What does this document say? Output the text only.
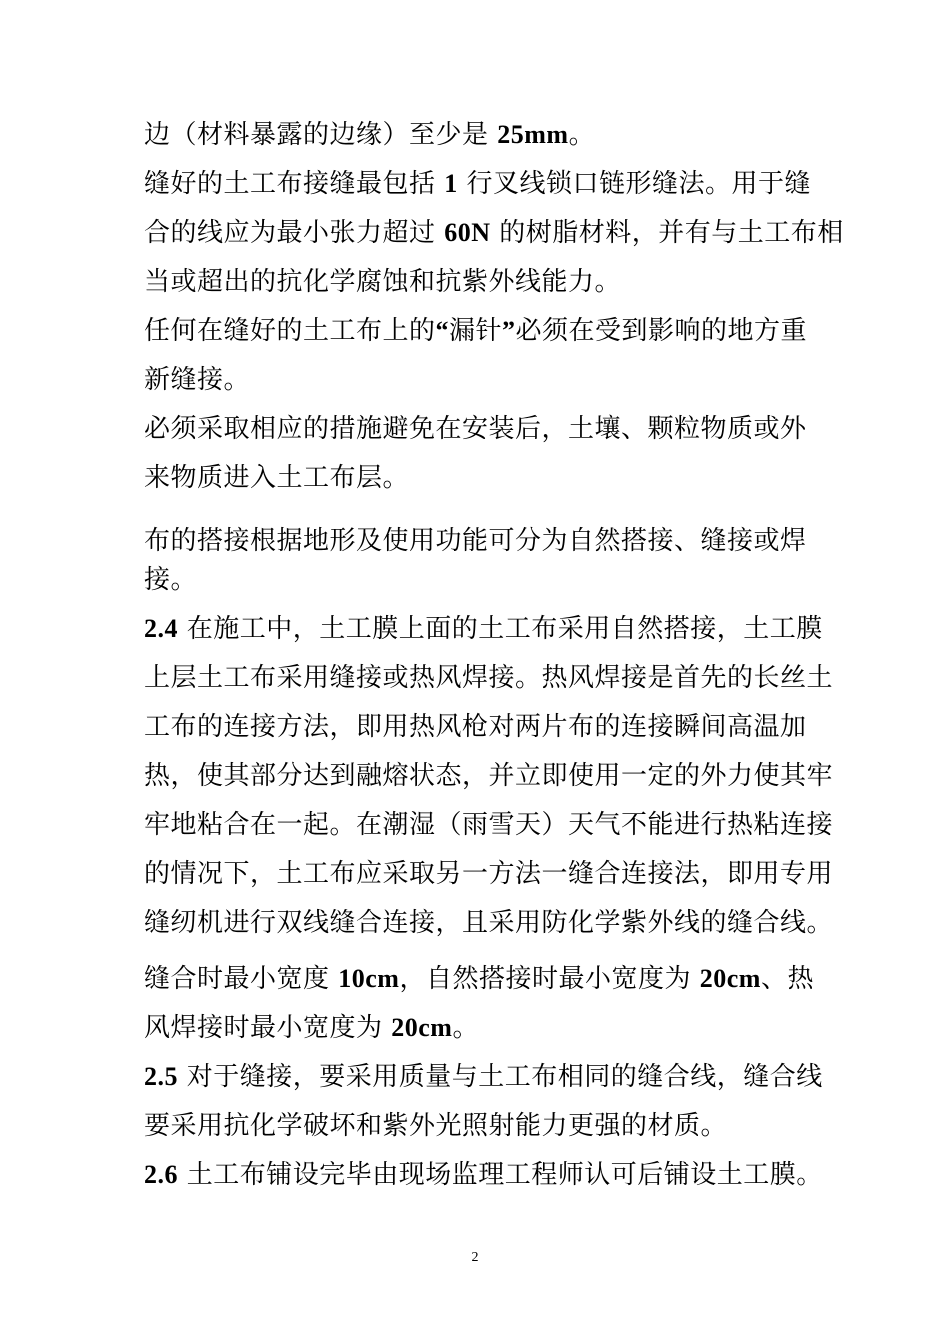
边（材料暴露的边缘）至少是 25mm。
缝好的土工布接缝最包括 1 行叉线锁口链形缝法。用于缝
合的线应为最小张力超过 60N 的树脂材料，并有与土工布相
当或超出的抗化学腐蚀和抗紫外线能力。
任何在缝好的土工布上的“漏针”必须在受到影响的地方重
新缝接。
必须采取相应的措施避免在安装后，土壤、颗粒物质或外
来物质进入土工布层。
布的搭接根据地形及使用功能可分为自然搭接、缝接或焊
接。
2.4 在施工中，土工膜上面的土工布采用自然搭接，土工膜
上层土工布采用缝接或热风焊接。热风焊接是首先的长丝土
工布的连接方法，即用热风枪对两片布的连接瞬间高温加
热，使其部分达到融熔状态，并立即使用一定的外力使其牢
牢地粘合在一起。在潮湿（雨雪天）天气不能进行热粘连接
的情况下，土工布应采取另一方法一缝合连接法，即用专用
缝纫机进行双线缝合连接，且采用防化学紫外线的缝合线。
缝合时最小宽度 10cm，自然搭接时最小宽度为 20cm、热
风焊接时最小宽度为 20cm。
2.5 对于缝接，要采用质量与土工布相同的缝合线，缝合线
要采用抗化学破坏和紫外光照射能力更强的材质。
2.6 土工布铺设完毕由现场监理工程师认可后铺设土工膜。
2
